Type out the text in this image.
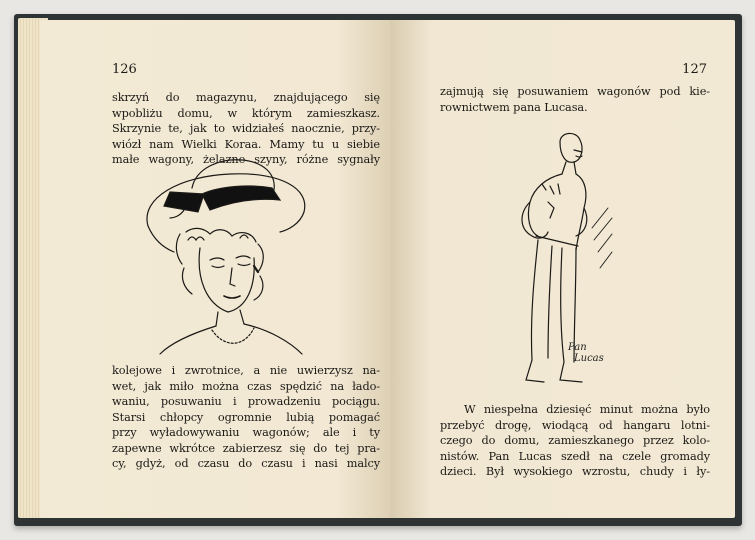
126
skrzyń do magazynu, znajdującego się
wpobliżu domu, w którym zamieszkasz.
Skrzynie te, jak to widziałeś naocznie, przy-
wiózł nam Wielki Koraa. Mamy tu u siebie
małe wagony, żelazne szyny, różne sygnały
kolejowe i zwrotnice, a nie uwierzysz na-
wet, jak miło można czas spędzić na łado-
waniu, posuwaniu i prowadzeniu pociągu.
Starsi chłopcy ogromnie lubią pomagać
przy wyładowywaniu wagonów; ale i ty
zapewne wkrótce zabierzesz się do tej pra-
cy, gdyż, od czasu do czasu i nasi malcy
127
zajmują się posuwaniem wagonów pod kie-
rownictwem pana Lucasa.
Pan
Lucas
W niespełna dziesięć minut można było
przebyć drogę, wiodącą od hangaru lotni-
czego do domu, zamieszkanego przez kolo-
nistów. Pan Lucas szedł na czele gromady
dzieci. Był wysokiego wzrostu, chudy i ły-
